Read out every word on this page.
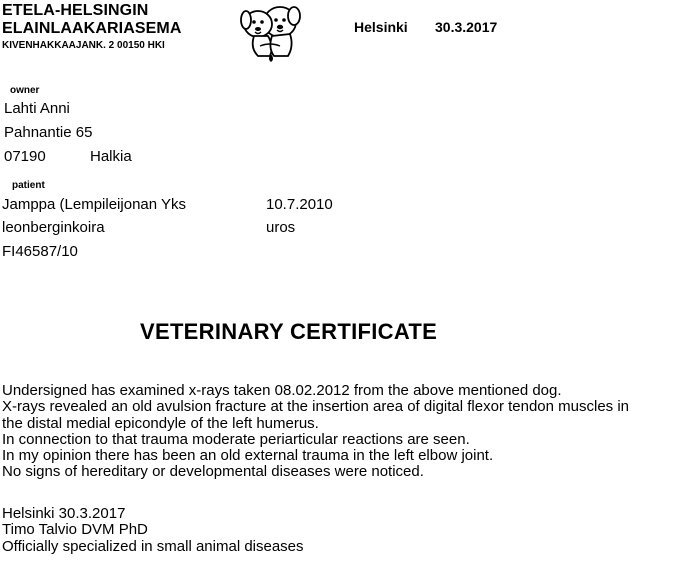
ETELA-HELSINGIN
ELAINLAAKARIASEMA
KIVENHAKKAAJANK. 2 00150 HKI
Helsinki 30.3.2017
owner
Lahti Anni
Pahnantie 65
07190	Halkia
patient
Jamppa (Lempileijonan Yks	10.7.2010
leonberginkoira	uros
FI46587/10
VETERINARY CERTIFICATE
Undersigned has examined x-rays taken 08.02.2012 from the above mentioned dog.
X-rays revealed an old avulsion fracture at the insertion area of digital flexor tendon muscles in
the distal medial epicondyle of the left humerus.
In connection to that trauma moderate periarticular reactions are seen.
In my opinion there has been an old external trauma in the left elbow joint.
No signs of hereditary or developmental diseases were noticed.
Helsinki 30.3.2017
Timo Talvio DVM PhD
Officially specialized in small animal diseases
